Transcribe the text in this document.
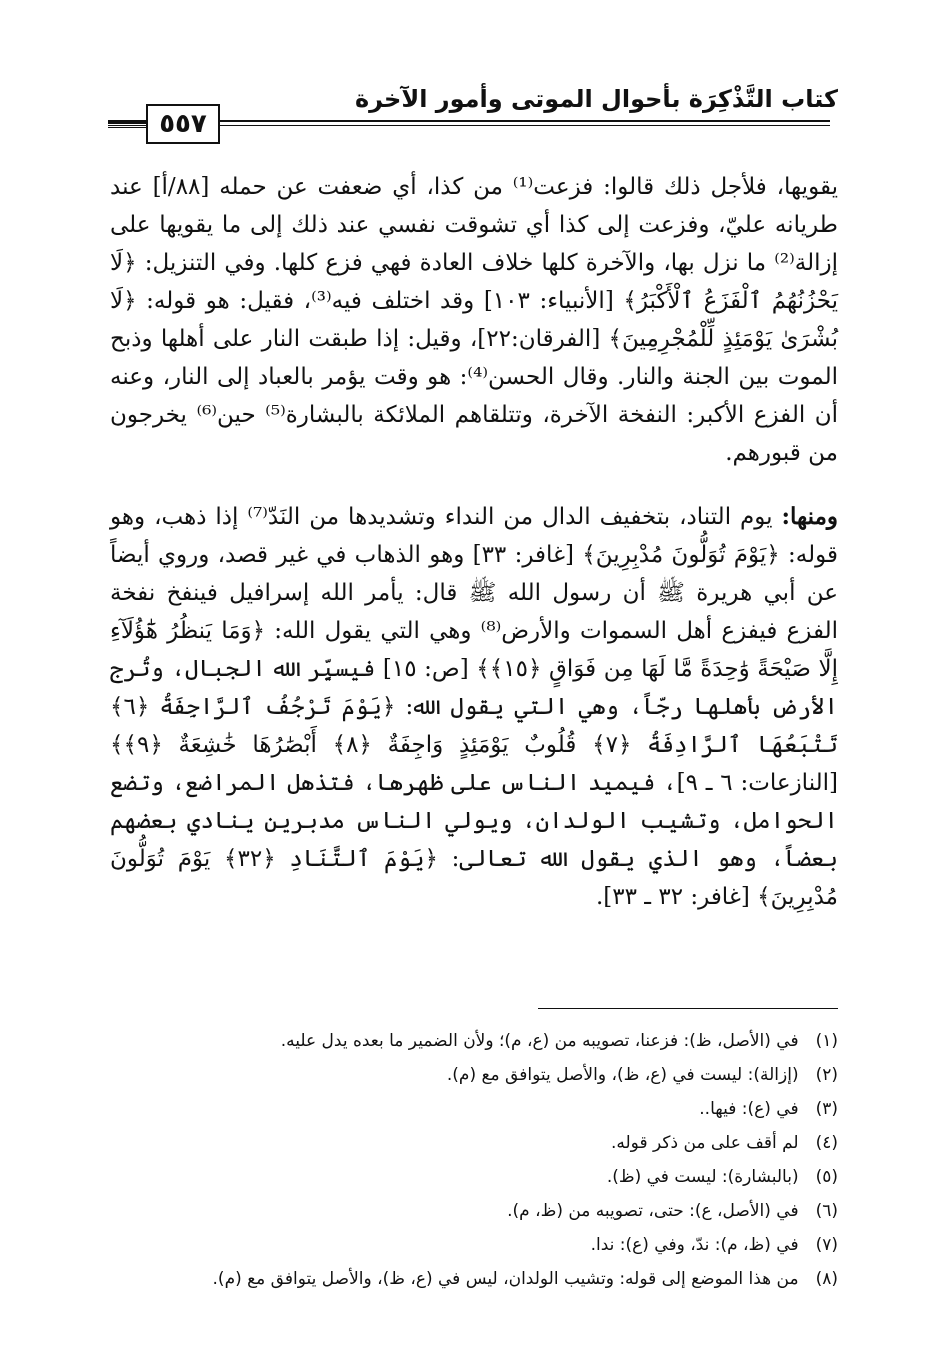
كتاب التَّذْكِرَة بأحوال الموتى وأمور الآخرة
٥٥٧

يقويها، فلأجل ذلك قالوا: فزعت⁽¹⁾ من كذا، أي ضعفت عن حمله [٨٨/أ] عند طريانه عليّ، وفزعت إلى كذا أي تشوقت نفسي عند ذلك إلى ما يقويها على إزالة⁽²⁾ ما نزل بها، والآخرة كلها خلاف العادة فهي فزع كلها. وفي التنزيل: ﴿لَا يَحْزُنُهُمُ ٱلْفَزَعُ ٱلْأَكْبَرُ﴾ [الأنبياء: ١٠٣] وقد اختلف فيه⁽³⁾، فقيل: هو قوله: ﴿لَا بُشْرَىٰ يَوْمَئِذٍ لِّلْمُجْرِمِينَ﴾ [الفرقان:٢٢]، وقيل: إذا طبقت النار على أهلها وذبح الموت بين الجنة والنار. وقال الحسن⁽⁴⁾: هو وقت يؤمر بالعباد إلى النار، وعنه أن الفزع الأكبر: النفخة الآخرة، وتتلقاهم الملائكة بالبشارة⁽⁵⁾ حين⁽⁶⁾ يخرجون من قبورهم.

ومنها: يوم التناد، بتخفيف الدال من النداء وتشديدها من النَدّ⁽⁷⁾ إذا ذهب، وهو قوله: ﴿يَوْمَ تُوَلُّونَ مُدْبِرِينَ﴾ [غافر: ٣٣] وهو الذهاب في غير قصد، وروي أيضاً عن أبي هريرة ﷺ أن رسول الله ﷺ قال: يأمر الله إسرافيل فينفخ نفخة الفزع فيفزع أهل السموات والأرض⁽⁸⁾ وهي التي يقول الله: ﴿وَمَا يَنظُرُ هَٰٓؤُلَآءِ إِلَّا صَيْحَةً وَٰحِدَةً مَّا لَهَا مِن فَوَاقٍ ﴿١٥﴾﴾ [ص: ١٥] فيسيِّر الله الجبال، وتُرج الأرض بأهلها رجّاً، وهي التي يقول الله: ﴿يَوْمَ تَرْجُفُ ٱلرَّاجِفَةُ ﴿٦﴾ تَتْبَعُهَا ٱلرَّادِفَةُ ﴿٧﴾ قُلُوبٌ يَوْمَئِذٍ وَاجِفَةٌ ﴿٨﴾ أَبْصَٰرُهَا خَٰشِعَةٌ ﴿٩﴾﴾ [النازعات: ٦ ـ ٩]، فيميد الناس على ظهرها، فتذهل المراضع، وتضع الحوامل، وتشيب الولدان، ويولي الناس مدبرين ينادي بعضهم بعضاً، وهو الذي يقول الله تعالى: ﴿يَوْمَ ٱلتَّنَادِ ﴿٣٢﴾ يَوْمَ تُوَلُّونَ مُدْبِرِينَ﴾ [غافر: ٣٢ ـ ٣٣].

(١) في (الأصل، ظ): فزعنا، تصويبه من (ع، م)؛ ولأن الضمير ما بعده يدل عليه.
(٢) (إزالة): ليست في (ع، ظ)، والأصل يتوافق مع (م).
(٣) في (ع): فيها..
(٤) لم أقف على من ذكر قوله.
(٥) (بالبشارة): ليست في (ظ).
(٦) في (الأصل، ع): حتى، تصويبه من (ظ، م).
(٧) في (ظ، م): ندّ، وفي (ع): ندا.
(٨) من هذا الموضع إلى قوله: وتشيب الولدان، ليس في (ع، ظ)، والأصل يتوافق مع (م).
